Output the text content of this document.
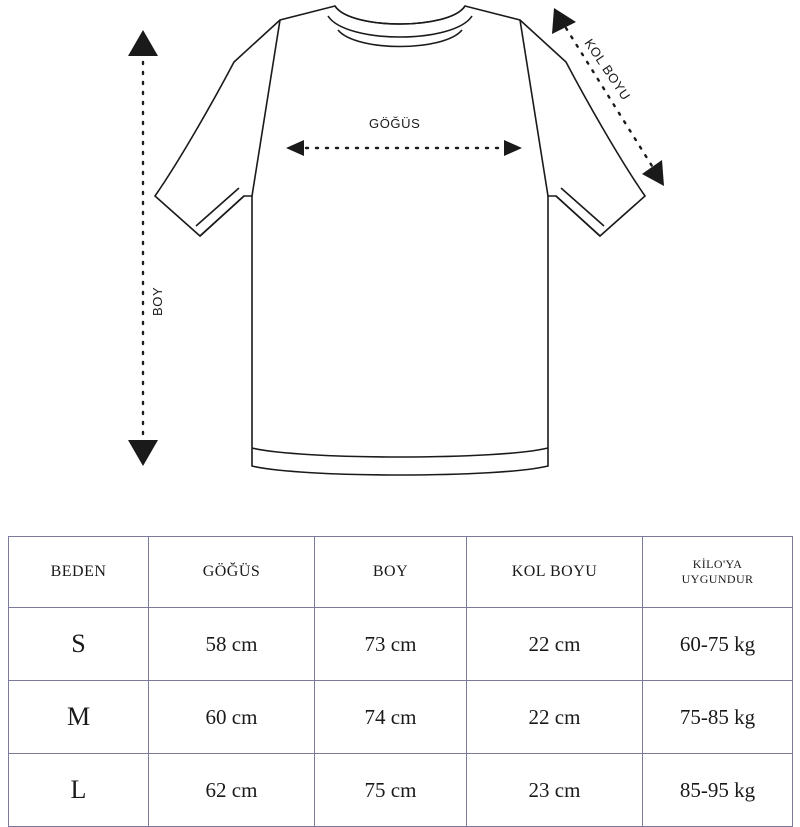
GÖĞÜS
BOY
KOL BOYU
BEDEN	GÖĞÜS	BOY	KOL BOYU	KİLO'YA
UYGUNDUR
S	58 cm	73 cm	22 cm	60-75 kg
M	60 cm	74 cm	22 cm	75-85 kg
L	62 cm	75 cm	23 cm	85-95 kg
